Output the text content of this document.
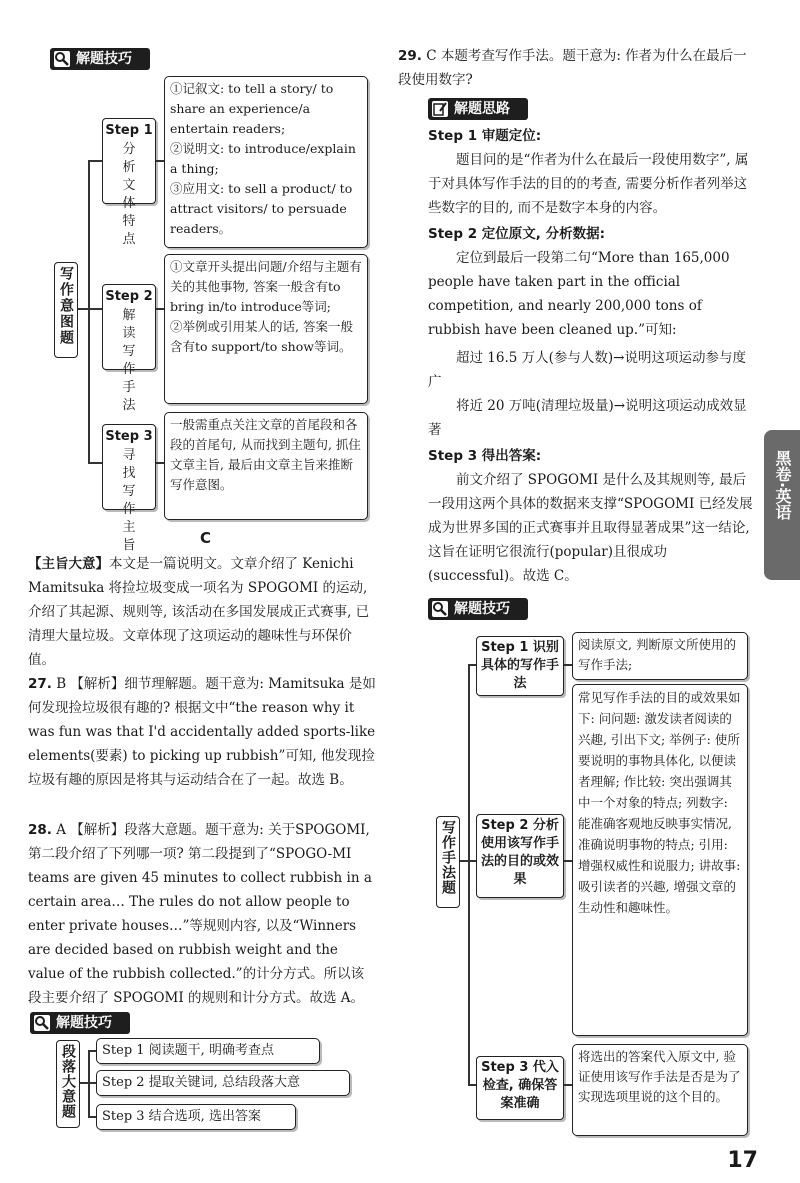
解题技巧
写作意图题
Step 1
分析文体特点
①记叙文: to tell a story/ to share an experience/a entertain readers;
②说明文: to introduce/explain a thing;
③应用文: to sell a product/ to attract visitors/ to persuade readers。
Step 2
解读写作手法
①文章开头提出问题/介绍与主题有关的其他事物, 答案一般含有to bring in/to introduce等词;
②举例或引用某人的话, 答案一般含有to support/to show等词。
Step 3
寻找写作主旨
一般需重点关注文章的首尾段和各段的首尾句, 从而找到主题句, 抓住文章主旨, 最后由文章主旨来推断写作意图。
C
【主旨大意】本文是一篇说明文。文章介绍了 Kenichi Mamitsuka 将捡垃圾变成一项名为 SPOGOMI 的运动, 介绍了其起源、规则等, 该活动在多国发展成正式赛事, 已清理大量垃圾。文章体现了这项运动的趣味性与环保价值。
27. B 【解析】细节理解题。题干意为: Mamitsuka 是如何发现捡垃圾很有趣的? 根据文中“the reason why it was fun was that I'd accidentally added sports-like elements(要素) to picking up rubbish”可知, 他发现捡垃圾有趣的原因是将其与运动结合在了一起。故选 B。
28. A 【解析】段落大意题。题干意为: 关于SPOGOMI, 第二段介绍了下列哪一项? 第二段提到了“SPOGO-MI teams are given 45 minutes to collect rubbish in a certain area… The rules do not allow people to enter private houses…”等规则内容, 以及“Winners are decided based on rubbish weight and the value of the rubbish collected.”的计分方式。所以该段主要介绍了 SPOGOMI 的规则和计分方式。故选 A。
解题技巧
段落大意题	Step 1 阅读题干, 明确考查点
Step 2 提取关键词, 总结段落大意
Step 3 结合选项, 选出答案
29. C 本题考查写作手法。题干意为: 作者为什么在最后一段使用数字?
解题思路
Step 1 审题定位:
题目问的是“作者为什么在最后一段使用数字”, 属于对具体写作手法的目的的考查, 需要分析作者列举这些数字的目的, 而不是数字本身的内容。
Step 2 定位原文, 分析数据:
定位到最后一段第二句“More than 165,000 people have taken part in the official competition, and nearly 200,000 tons of rubbish have been cleaned up.”可知:
超过 16.5 万人(参与人数)→说明这项运动参与度广
将近 20 万吨(清理垃圾量)→说明这项运动成效显著
Step 3 得出答案:
前文介绍了 SPOGOMI 是什么及其规则等, 最后一段用这两个具体的数据来支撑“SPOGOMI 已经发展成为世界多国的正式赛事并且取得显著成果”这一结论, 这旨在证明它很流行(popular)且很成功(successful)。故选 C。
解题技巧
写作手法题
Step 1 识别具体的写作手法
阅读原文, 判断原文所使用的写作手法;
Step 2 分析使用该写作手法的目的或效果
常见写作手法的目的或效果如下: 问问题: 激发读者阅读的兴趣, 引出下文; 举例子: 使所要说明的事物具体化, 以便读者理解; 作比较: 突出强调其中一个对象的特点; 列数字: 能准确客观地反映事实情况, 准确说明事物的特点; 引用: 增强权威性和说服力; 讲故事: 吸引读者的兴趣, 增强文章的生动性和趣味性。
Step 3 代入检查, 确保答案准确
将选出的答案代入原文中, 验证使用该写作手法是否是为了实现选项里说的这个目的。
黑卷·英语
17
